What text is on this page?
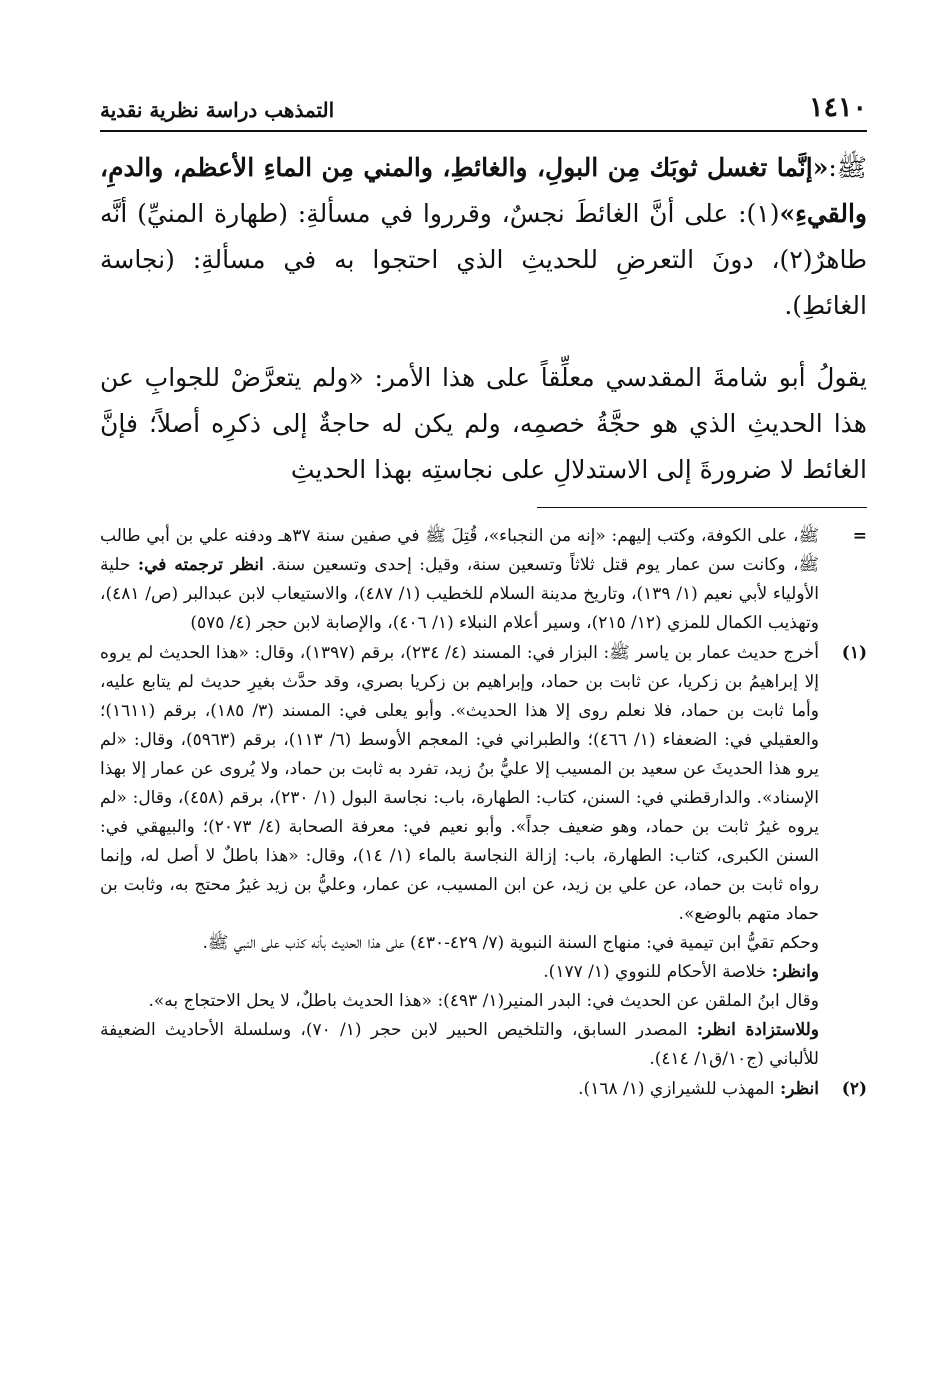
١٤١٠
التمذهب دراسة نظرية نقدية

ﷺ:«إنَّما تغسل ثوبَك مِن البولِ، والغائطِ، والمني مِن الماءِ الأعظم، والدمِ، والقيءِ»(١): على أنَّ الغائطَ نجسٌ، وقرروا في مسألةِ: (طهارة المنيِّ) أنَّه طاهرٌ(٢)، دونَ التعرضِ للحديثِ الذي احتجوا به في مسألةِ: (نجاسة الغائطِ).

يقولُ أبو شامةَ المقدسي معلِّقاً على هذا الأمر: «ولم يتعرَّضْ للجوابِ عن هذا الحديثِ الذي هو حجَّةُ خصمِه، ولم يكن له حاجةٌ إلى ذكرِه أصلاً؛ فإنَّ الغائط لا ضرورةَ إلى الاستدلالِ على نجاستِه بهذا الحديثِ

=

ﷺ، على الكوفة، وكتب إليهم: «إنه من النجباء»، قُتِلَ ﷺ في صفين سنة ٣٧هـ ودفنه علي بن أبي طالب ﷺ، وكانت سن عمار يوم قتل ثلاثاً وتسعين سنة، وقيل: إحدى وتسعين سنة. انظر ترجمته في: حلية الأولياء لأبي نعيم (١/ ١٣٩)، وتاريخ مدينة السلام للخطيب (١/ ٤٨٧)، والاستيعاب لابن عبدالبر (ص/ ٤٨١)، وتهذيب الكمال للمزي (١٢/ ٢١٥)، وسير أعلام النبلاء (١/ ٤٠٦)، والإصابة لابن حجر (٤/ ٥٧٥)

(١)

أخرج حديث عمار بن ياسر ﷺ: البزار في: المسند (٤/ ٢٣٤)، برقم (١٣٩٧)، وقال: «هذا الحديث لم يروه إلا إبراهيمُ بن زكريا، عن ثابت بن حماد، وإبراهيم بن زكريا بصري، وقد حدَّث بغيرِ حديث لم يتابع عليه، وأما ثابت بن حماد، فلا نعلم روى إلا هذا الحديث». وأبو يعلى في: المسند (٣/ ١٨٥)، برقم (١٦١١)؛ والعقيلي في: الضعفاء (١/ ٤٦٦)؛ والطبراني في: المعجم الأوسط (٦/ ١١٣)، برقم (٥٩٦٣)، وقال: «لم يرو هذا الحديثَ عن سعيد بن المسيب إلا عليُّ بنُ زيد، تفرد به ثابت بن حماد، ولا يُروى عن عمار إلا بهذا الإسناد». والدارقطني في: السنن، كتاب: الطهارة، باب: نجاسة البول (١/ ٢٣٠)، برقم (٤٥٨)، وقال: «لم يروه غيرُ ثابت بن حماد، وهو ضعيف جداً». وأبو نعيم في: معرفة الصحابة (٤/ ٢٠٧٣)؛ والبيهقي في: السنن الكبرى، كتاب: الطهارة، باب: إزالة النجاسة بالماء (١/ ١٤)، وقال: «هذا باطلٌ لا أصل له، وإنما رواه ثابت بن حماد، عن علي بن زيد، عن ابن المسيب، عن عمار، وعليُّ بن زيد غيرُ محتج به، وثابت بن حماد متهم بالوضع».

وحكم تقيُّ ابن تيمية في: منهاج السنة النبوية (٧/ ٤٢٩-٤٣٠) على هذا الحديث بأنه كذب على النبي ﷺ.

وانظر: خلاصة الأحكام للنووي (١/ ١٧٧).

وقال ابنُ الملقن عن الحديث في: البدر المنير(١/ ٤٩٣): «هذا الحديث باطلٌ، لا يحل الاحتجاج به».

وللاستزادة انظر: المصدر السابق، والتلخيص الحبير لابن حجر (١/ ٧٠)، وسلسلة الأحاديث الضعيفة للألباني (ج١٠/ق١/ ٤١٤).

(٢)

انظر: المهذب للشيرازي (١/ ١٦٨).
